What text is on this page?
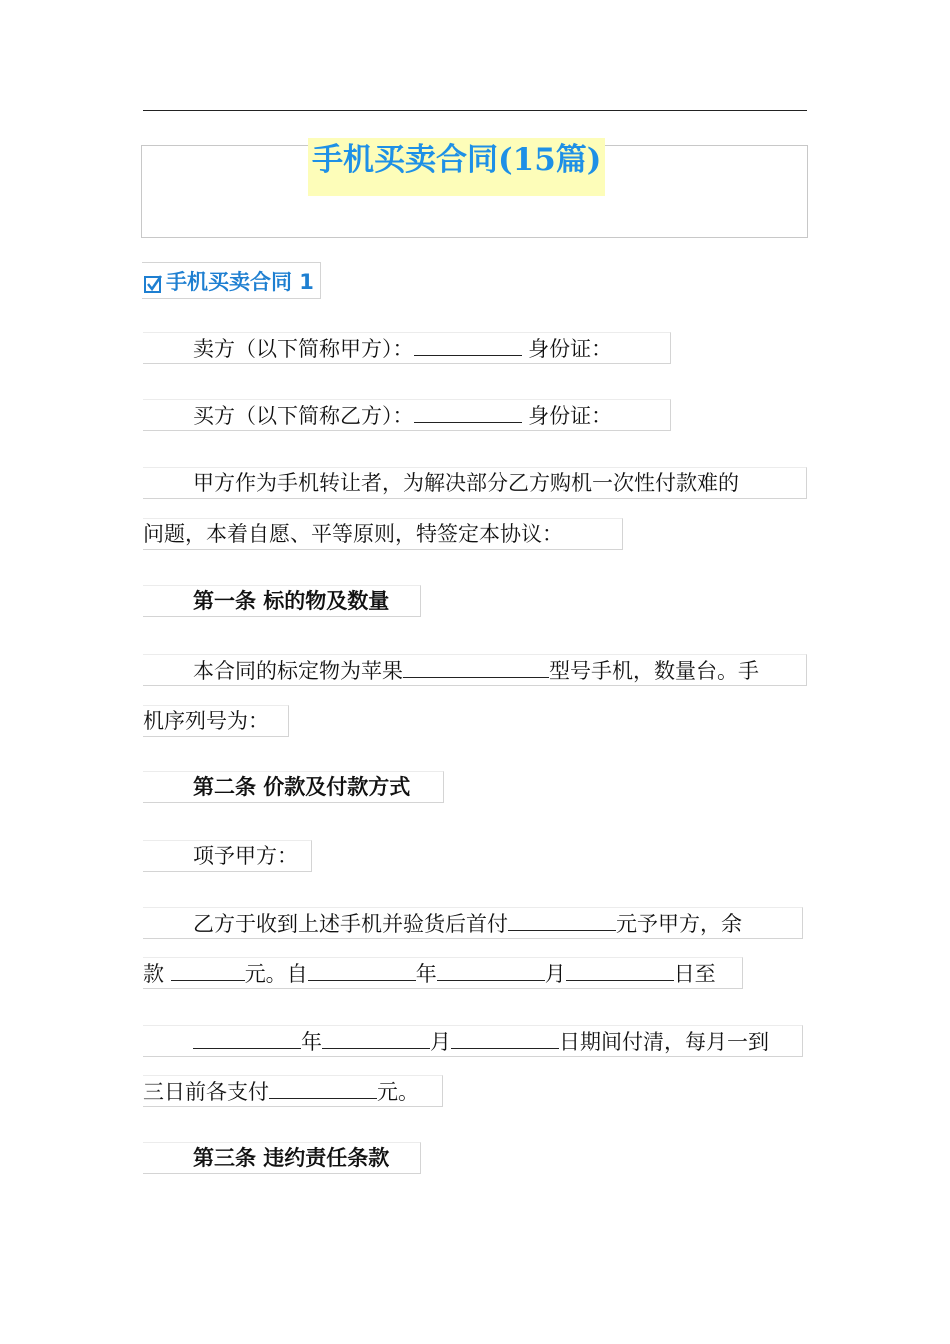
手机买卖合同(15篇)
手机买卖合同 1
卖方（以下简称甲方）：	身份证：
买方（以下简称乙方）：	身份证：
甲方作为手机转让者，为解决部分乙方购机一次性付款难的
问题，本着自愿、平等原则，特签定本协议：
第一条 标的物及数量
本合同的标定物为苹果	型号手机，数量台。手
机序列号为：
第二条 价款及付款方式
项予甲方：
乙方于收到上述手机并验货后首付	元予甲方，余
款	元。自	年	月	日至
年	月	日期间付清，每月一到
三日前各支付	元。
第三条 违约责任条款
